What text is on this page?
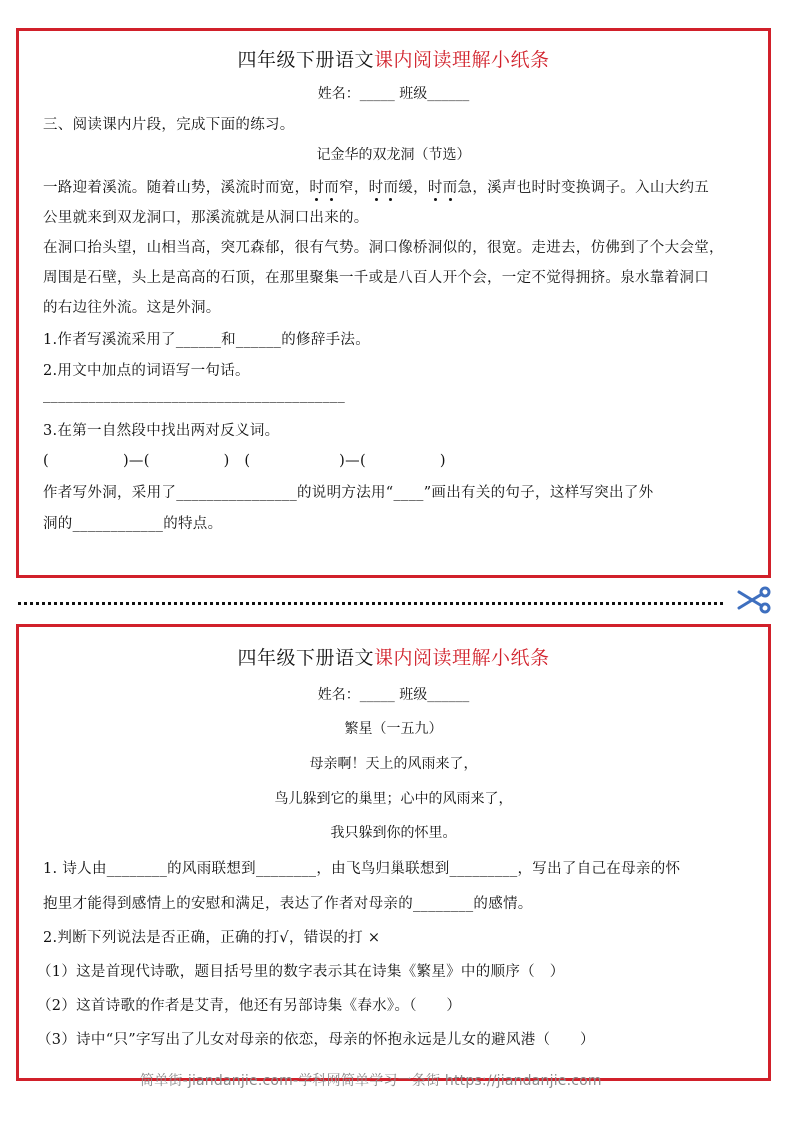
四年级下册语文课内阅读理解小纸条
姓名：_____ 班级______
三、阅读课内片段，完成下面的练习。
记金华的双龙洞（节选）
一路迎着溪流。随着山势，溪流时而宽，时而窄，时而缓，时而急，溪声也时时变换调子。入山大约五
公里就来到双龙洞口，那溪流就是从洞口出来的。
在洞口抬头望，山相当高，突兀森郁，很有气势。洞口像桥洞似的，很宽。走进去，仿佛到了个大会堂，
周围是石壁，头上是高高的石顶，在那里聚集一千或是八百人开个会，一定不觉得拥挤。泉水靠着洞口
的右边往外流。这是外洞。
1.作者写溪流采用了______和______的修辞手法。
2.用文中加点的词语写一句话。
________________________________________
3.在第一自然段中找出两对反义词。
(　　　　　)—(　　　　　)　(　　　　　　)—(　　　　　)
作者写外洞，采用了________________的说明方法用“____”画出有关的句子，这样写突出了外
洞的____________的特点。
四年级下册语文课内阅读理解小纸条
姓名：_____ 班级______
繁星（一五九）
母亲啊！天上的风雨来了，
鸟儿躲到它的巢里；心中的风雨来了，
我只躲到你的怀里。
1. 诗人由________的风雨联想到________，由飞鸟归巢联想到_________，写出了自己在母亲的怀
抱里才能得到感情上的安慰和满足，表达了作者对母亲的________的感情。
2.判断下列说法是否正确，正确的打√，错误的打 ×
（1）这是首现代诗歌，题目括号里的数字表示其在诗集《繁星》中的顺序（　）
（2）这首诗歌的作者是艾青，他还有另部诗集《春水》。（　　）
（3）诗中“只”字写出了儿女对母亲的依恋，母亲的怀抱永远是儿女的避风港（　　）
简单街-jiandanjie.com-学科网简单学习一条街 https://jiandanjie.com
